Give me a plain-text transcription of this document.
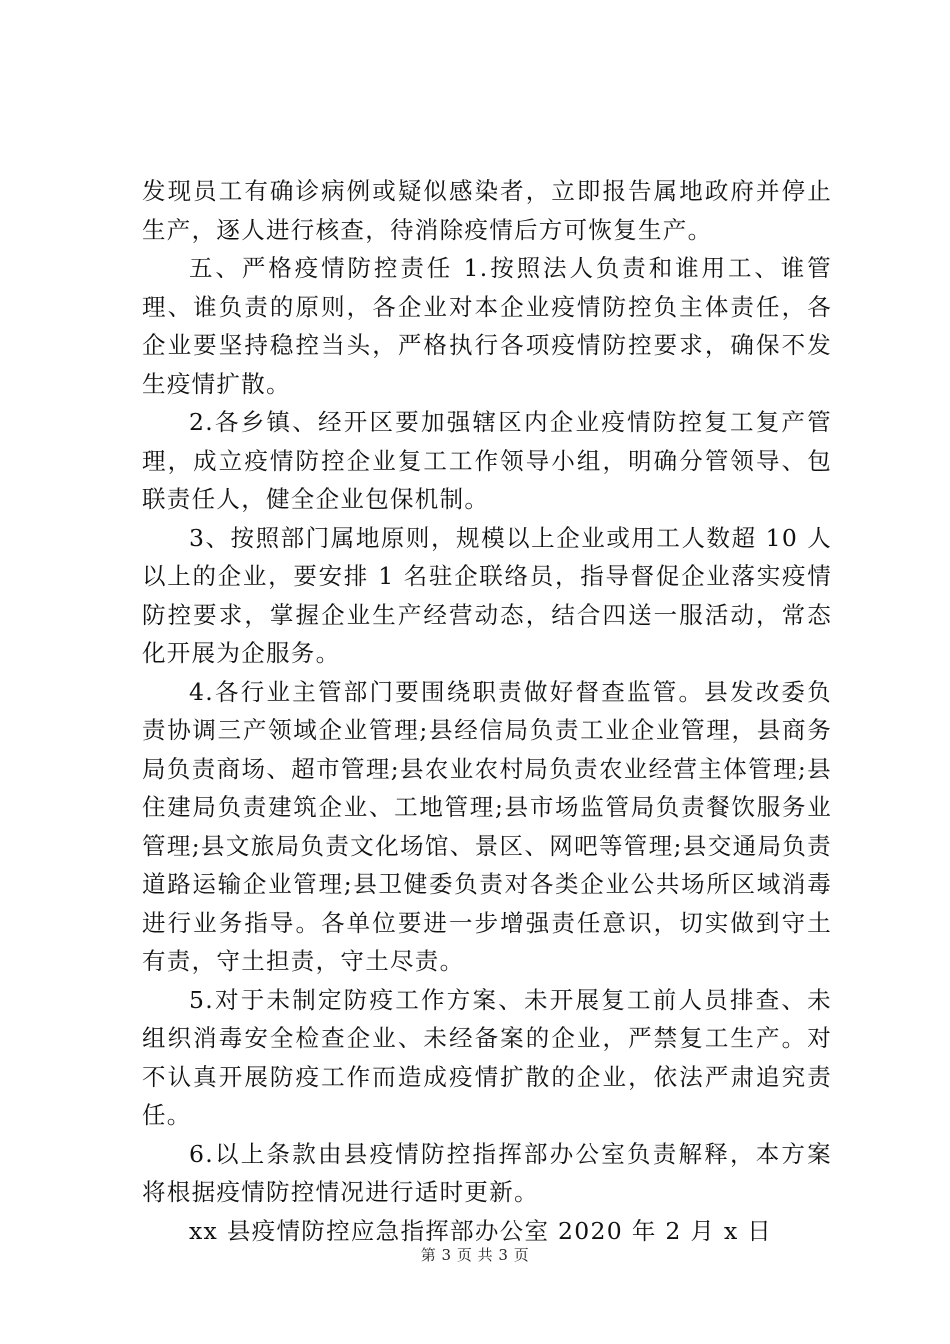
发现员工有确诊病例或疑似感染者，立即报告属地政府并停止生产，逐人进行核查，待消除疫情后方可恢复生产。

五、严格疫情防控责任 1.按照法人负责和谁用工、谁管理、谁负责的原则，各企业对本企业疫情防控负主体责任，各企业要坚持稳控当头，严格执行各项疫情防控要求，确保不发生疫情扩散。

2.各乡镇、经开区要加强辖区内企业疫情防控复工复产管理，成立疫情防控企业复工工作领导小组，明确分管领导、包联责任人，健全企业包保机制。

3、按照部门属地原则，规模以上企业或用工人数超 10 人以上的企业，要安排 1 名驻企联络员，指导督促企业落实疫情防控要求，掌握企业生产经营动态，结合四送一服活动，常态化开展为企服务。

4.各行业主管部门要围绕职责做好督查监管。县发改委负责协调三产领域企业管理;县经信局负责工业企业管理，县商务局负责商场、超市管理;县农业农村局负责农业经营主体管理;县住建局负责建筑企业、工地管理;县市场监管局负责餐饮服务业管理;县文旅局负责文化场馆、景区、网吧等管理;县交通局负责道路运输企业管理;县卫健委负责对各类企业公共场所区域消毒进行业务指导。各单位要进一步增强责任意识，切实做到守土有责，守土担责，守土尽责。

5.对于未制定防疫工作方案、未开展复工前人员排查、未组织消毒安全检查企业、未经备案的企业，严禁复工生产。对不认真开展防疫工作而造成疫情扩散的企业，依法严肃追究责任。

6.以上条款由县疫情防控指挥部办公室负责解释，本方案将根据疫情防控情况进行适时更新。

xx 县疫情防控应急指挥部办公室 2020 年 2 月 x 日

第 3 页 共 3 页
